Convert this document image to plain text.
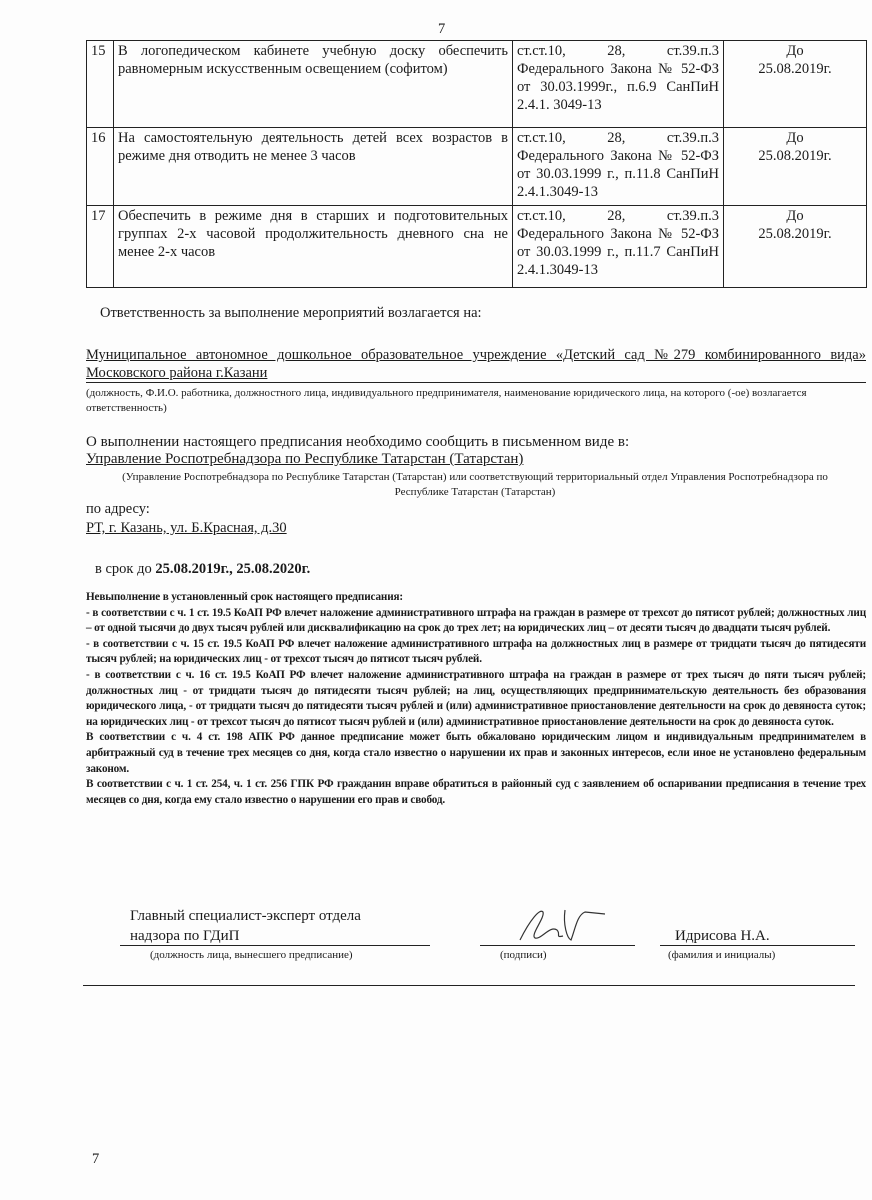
7
15	В логопедическом кабинете учебную доску обеспечить равномерным искусственным освещением (софитом)	ст.ст.10, 28, ст.39.п.3 Федерального Закона № 52-ФЗ от 30.03.1999г., п.6.9 СанПиН 2.4.1. 3049-13	До
25.08.2019г.

16	На самостоятельную деятельность детей всех возрастов в режиме дня отводить не менее 3 часов	ст.ст.10, 28, ст.39.п.3 Федерального Закона № 52-ФЗ от 30.03.1999 г., п.11.8 СанПиН 2.4.1.3049-13	До
25.08.2019г.

17	Обеспечить в режиме дня в старших и подготовительных группах 2-х часовой продолжительность дневного сна не менее 2-х часов	ст.ст.10, 28, ст.39.п.3 Федерального Закона № 52-ФЗ от 30.03.1999 г., п.11.7 СанПиН 2.4.1.3049-13	До
25.08.2019г.
Ответственность за выполнение мероприятий возлагается на:
Муниципальное автономное дошкольное образовательное учреждение «Детский сад №279 комбинированного вида» Московского района г.Казани
(должность, Ф.И.О. работника, должностного лица, индивидуального предпринимателя, наименование юридического лица, на которого (-ое) возлагается ответственность)
О выполнении настоящего предписания необходимо сообщить в письменном виде в:
Управление Роспотребнадзора по Республике Татарстан (Татарстан)
(Управление Роспотребнадзора по Республике Татарстан (Татарстан) или соответствующий территориальный отдел Управления Роспотребнадзора по Республике Татарстан (Татарстан)
по адресу:
РТ, г. Казань, ул. Б.Красная, д.30
в срок до 25.08.2019г., 25.08.2020г.

Невыполнение в установленный срок настоящего предписания:

- в соответствии с ч. 1 ст. 19.5 КоАП РФ влечет наложение административного штрафа на граждан в размере от трехсот до пятисот рублей; должностных лиц – от одной тысячи до двух тысяч рублей или дисквалификацию на срок до трех лет; на юридических лиц – от десяти тысяч до двадцати тысяч рублей.

- в соответствии с ч. 15 ст. 19.5 КоАП РФ влечет наложение административного штрафа на должностных лиц в размере от тридцати тысяч до пятидесяти тысяч рублей; на юридических лиц - от трехсот тысяч до пятисот тысяч рублей.

- в соответствии с ч. 16 ст. 19.5 КоАП РФ влечет наложение административного штрафа на граждан в размере от трех тысяч до пяти тысяч рублей; должностных лиц - от тридцати тысяч до пятидесяти тысяч рублей; на лиц, осуществляющих предпринимательскую деятельность без образования юридического лица, - от тридцати тысяч до пятидесяти тысяч рублей и (или) административное приостановление деятельности на срок до девяноста суток; на юридических лиц - от трехсот тысяч до пятисот тысяч рублей и (или) административное приостановление деятельности на срок до девяноста суток.

В соответствии с ч. 4 ст. 198 АПК РФ данное предписание может быть обжаловано юридическим лицом и индивидуальным предпринимателем в арбитражный суд в течение трех месяцев со дня, когда стало известно о нарушении их прав и законных интересов, если иное не установлено федеральным законом.

В соответствии с ч. 1 ст. 254, ч. 1 ст. 256 ГПК РФ гражданин вправе обратиться в районный суд с заявлением об оспаривании предписания в течение трех месяцев со дня, когда ему стало известно о нарушении его прав и свобод.

Главный специалист-эксперт отдела
надзора по ГДиП
(должность лица, вынесшего предписание)	(подписи)
Идрисова Н.А.
(фамилия и инициалы)
7
